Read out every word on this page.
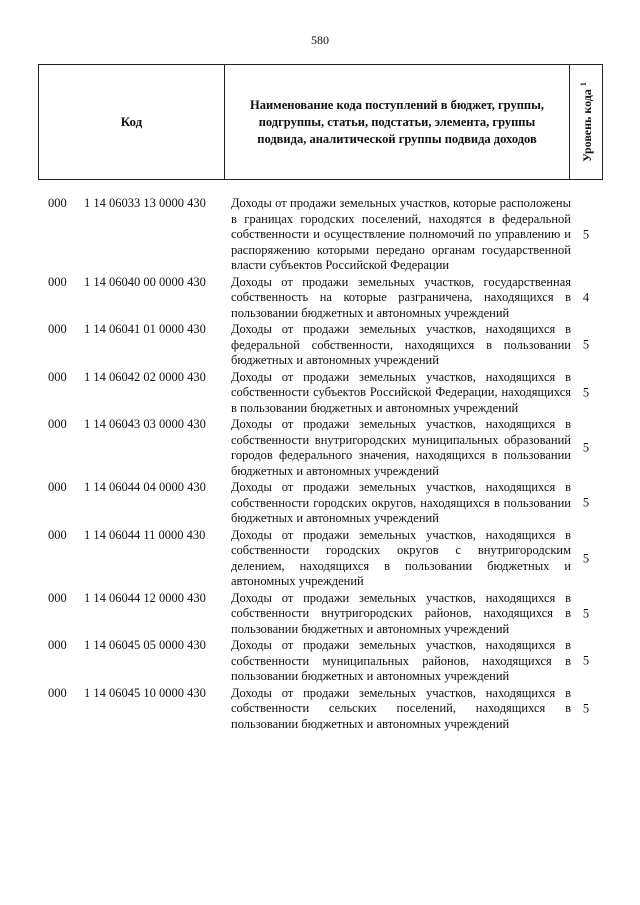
580
Код
Наименование кода поступлений в бюджет, группы, подгруппы, статьи, подстатьи, элемента, группы подвида, аналитической группы подвида доходов	Уровень кода $^1$
000 1 14 06033 13 0000 430 Доходы от продажи земельных участков, которые расположены в границах городских поселений, находятся в федеральной собственности и осуществление полномочий по управлению и распоряжению которыми передано органам государственной власти субъектов Российской Федерации
5
000 1 14 06040 00 0000 430 Доходы от продажи земельных участков, государственная собственность на которые разграничена, находящихся в пользовании бюджетных и автономных учреждений
4
000 1 14 06041 01 0000 430 Доходы от продажи земельных участков, находящихся в федеральной собственности, находящихся в пользовании бюджетных и автономных учреждений
5
000 1 14 06042 02 0000 430 Доходы от продажи земельных участков, находящихся в собственности субъектов Российской Федерации, находящихся в пользовании бюджетных и автономных учреждений
5
000 1 14 06043 03 0000 430 Доходы от продажи земельных участков, находящихся в собственности внутригородских муниципальных образований городов федерального значения, находящихся в пользовании бюджетных и автономных учреждений
5
000 1 14 06044 04 0000 430 Доходы от продажи земельных участков, находящихся в собственности городских округов, находящихся в пользовании бюджетных и автономных учреждений
5
000 1 14 06044 11 0000 430 Доходы от продажи земельных участков, находящихся в собственности городских округов с внутригородским делением, находящихся в пользовании бюджетных и автономных учреждений
5
000 1 14 06044 12 0000 430 Доходы от продажи земельных участков, находящихся в собственности внутригородских районов, находящихся в пользовании бюджетных и автономных учреждений
5
000 1 14 06045 05 0000 430 Доходы от продажи земельных участков, находящихся в собственности муниципальных районов, находящихся в пользовании бюджетных и автономных учреждений
5
000 1 14 06045 10 0000 430 Доходы от продажи земельных участков, находящихся в собственности сельских поселений, находящихся в пользовании бюджетных и автономных учреждений
5
